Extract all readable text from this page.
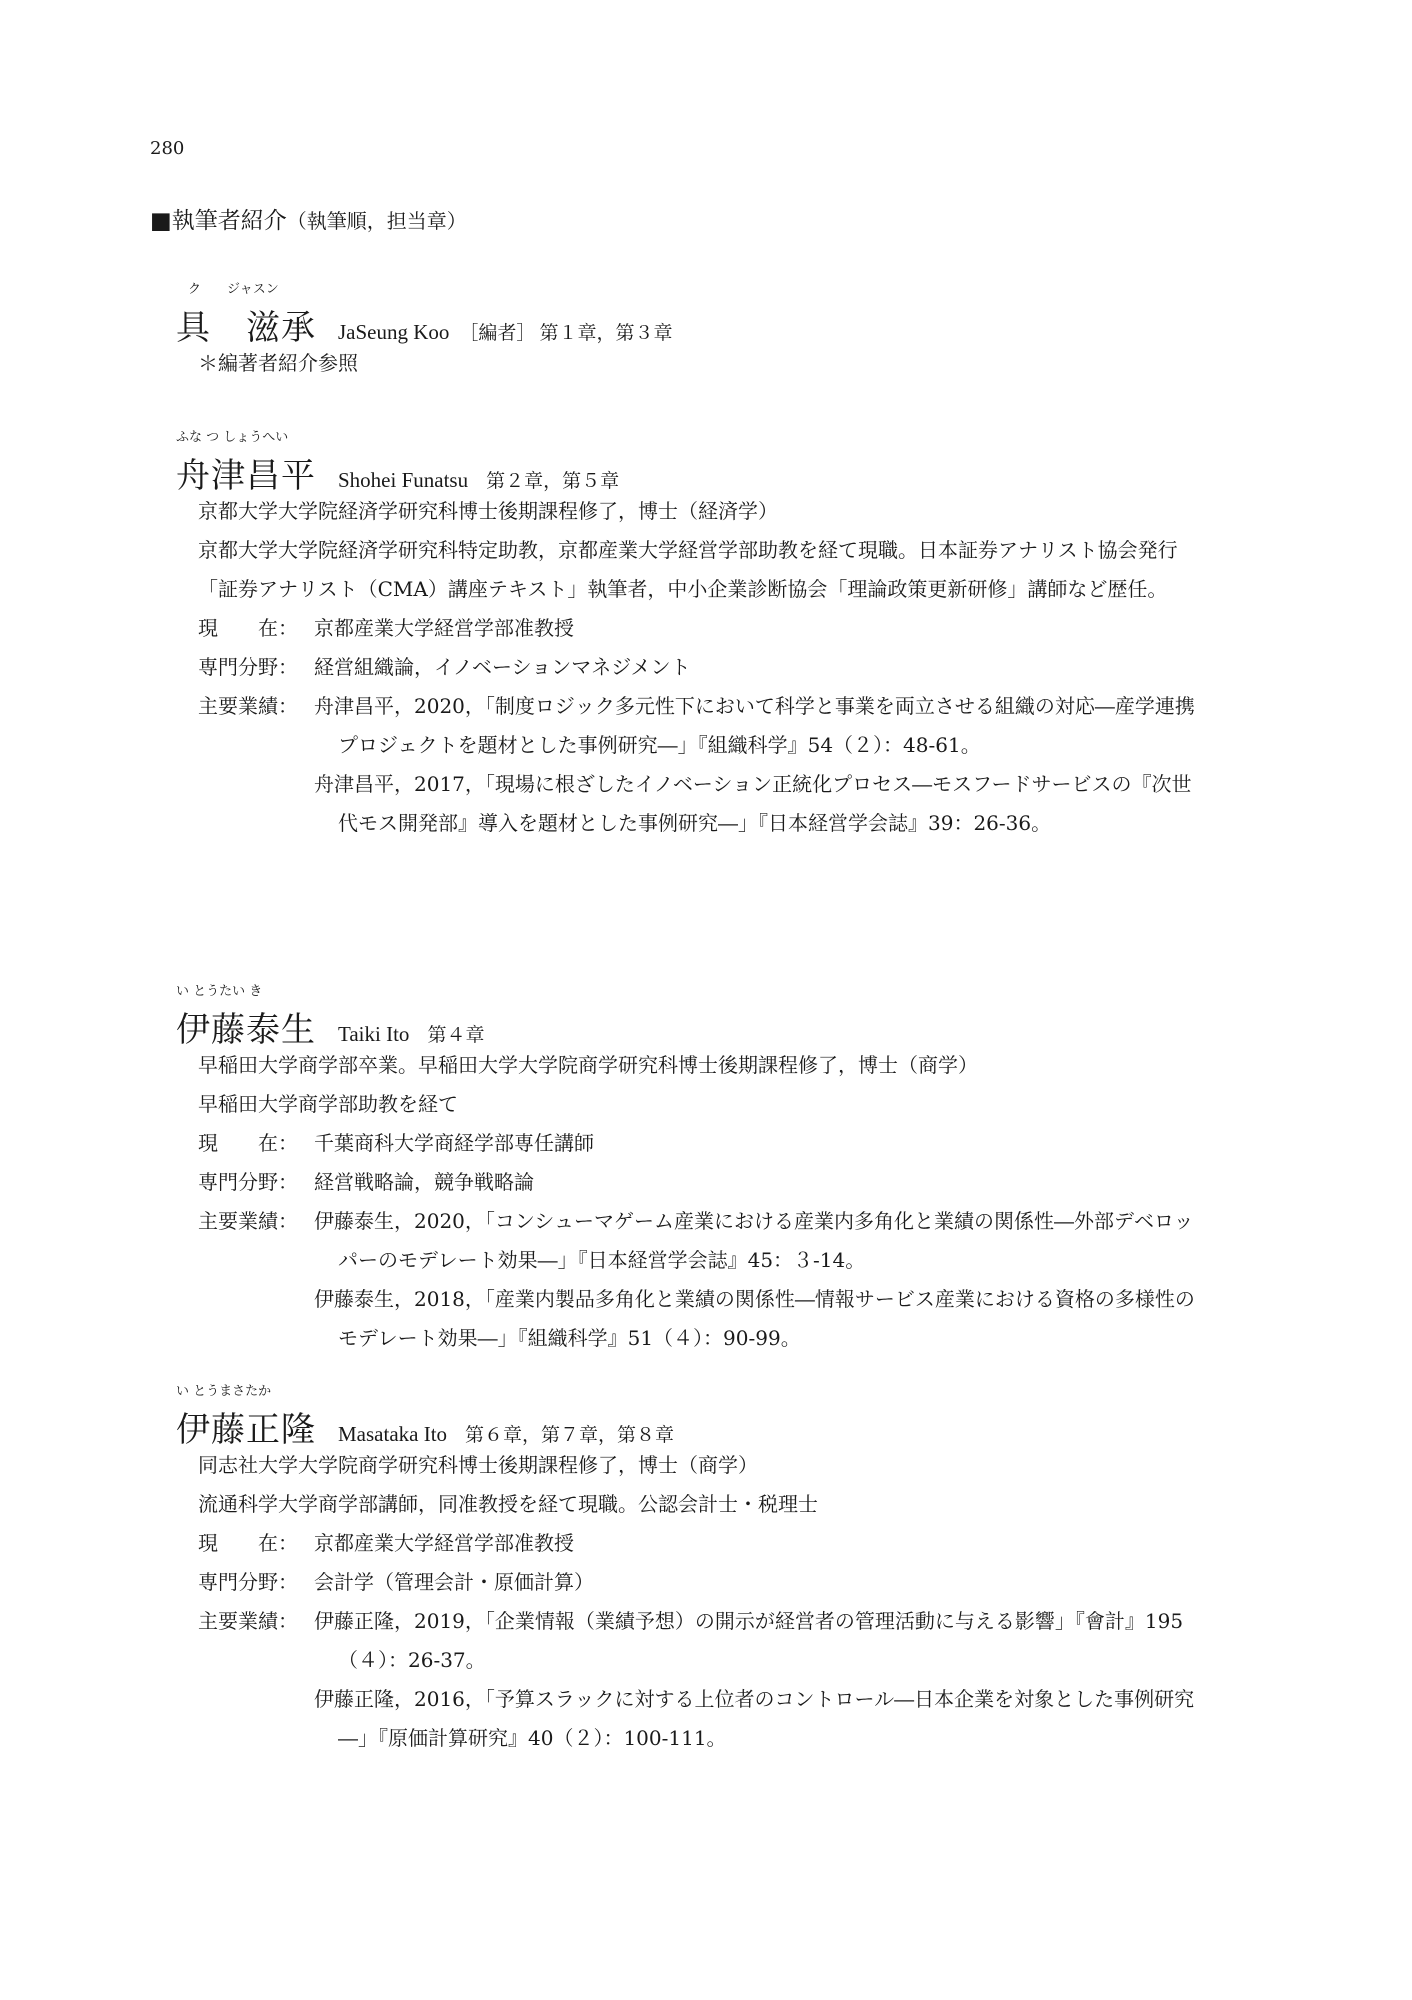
280
■執筆者紹介（執筆順，担当章）
ク　　ジャスン
具　滋承 JaSeung Koo ［編者］ 第１章，第３章

＊編著者紹介参照

ふな つ しょうへい
舟津昌平 Shohei Funatsu 第２章，第５章

京都大学大学院経済学研究科博士後期課程修了，博士（経済学）

京都大学大学院経済学研究科特定助教，京都産業大学経営学部助教を経て現職。日本証券アナリスト協会発行「証券アナリスト（CMA）講座テキスト」執筆者，中小企業診断協会「理論政策更新研修」講師など歴任。

現　　在： 京都産業大学経営学部准教授
専門分野： 経営組織論，イノベーションマネジメント
主要業績： 舟津昌平，2020，「制度ロジック多元性下において科学と事業を両立させる組織の対応―産学連携プロジェクトを題材とした事例研究―」『組織科学』54（２）：48-61。

舟津昌平，2017，「現場に根ざしたイノベーション正統化プロセス―モスフードサービスの『次世代モス開発部』導入を題材とした事例研究―」『日本経営学会誌』39：26-36。

い とうたい き
伊藤泰生 Taiki Ito 第４章

早稲田大学商学部卒業。早稲田大学大学院商学研究科博士後期課程修了，博士（商学）

早稲田大学商学部助教を経て

現　　在： 千葉商科大学商経学部専任講師
専門分野： 経営戦略論，競争戦略論
主要業績： 伊藤泰生，2020，「コンシューマゲーム産業における産業内多角化と業績の関係性―外部デベロッパーのモデレート効果―」『日本経営学会誌』45：３-14。

伊藤泰生，2018，「産業内製品多角化と業績の関係性―情報サービス産業における資格の多様性のモデレート効果―」『組織科学』51（４）：90-99。

い とうまさたか
伊藤正隆 Masataka Ito 第６章，第７章，第８章

同志社大学大学院商学研究科博士後期課程修了，博士（商学）

流通科学大学商学部講師，同准教授を経て現職。公認会計士・税理士

現　　在： 京都産業大学経営学部准教授
専門分野： 会計学（管理会計・原価計算）
主要業績： 伊藤正隆，2019，「企業情報（業績予想）の開示が経営者の管理活動に与える影響」『會計』195（４）：26-37。

伊藤正隆，2016，「予算スラックに対する上位者のコントロール―日本企業を対象とした事例研究―」『原価計算研究』40（２）：100-111。
